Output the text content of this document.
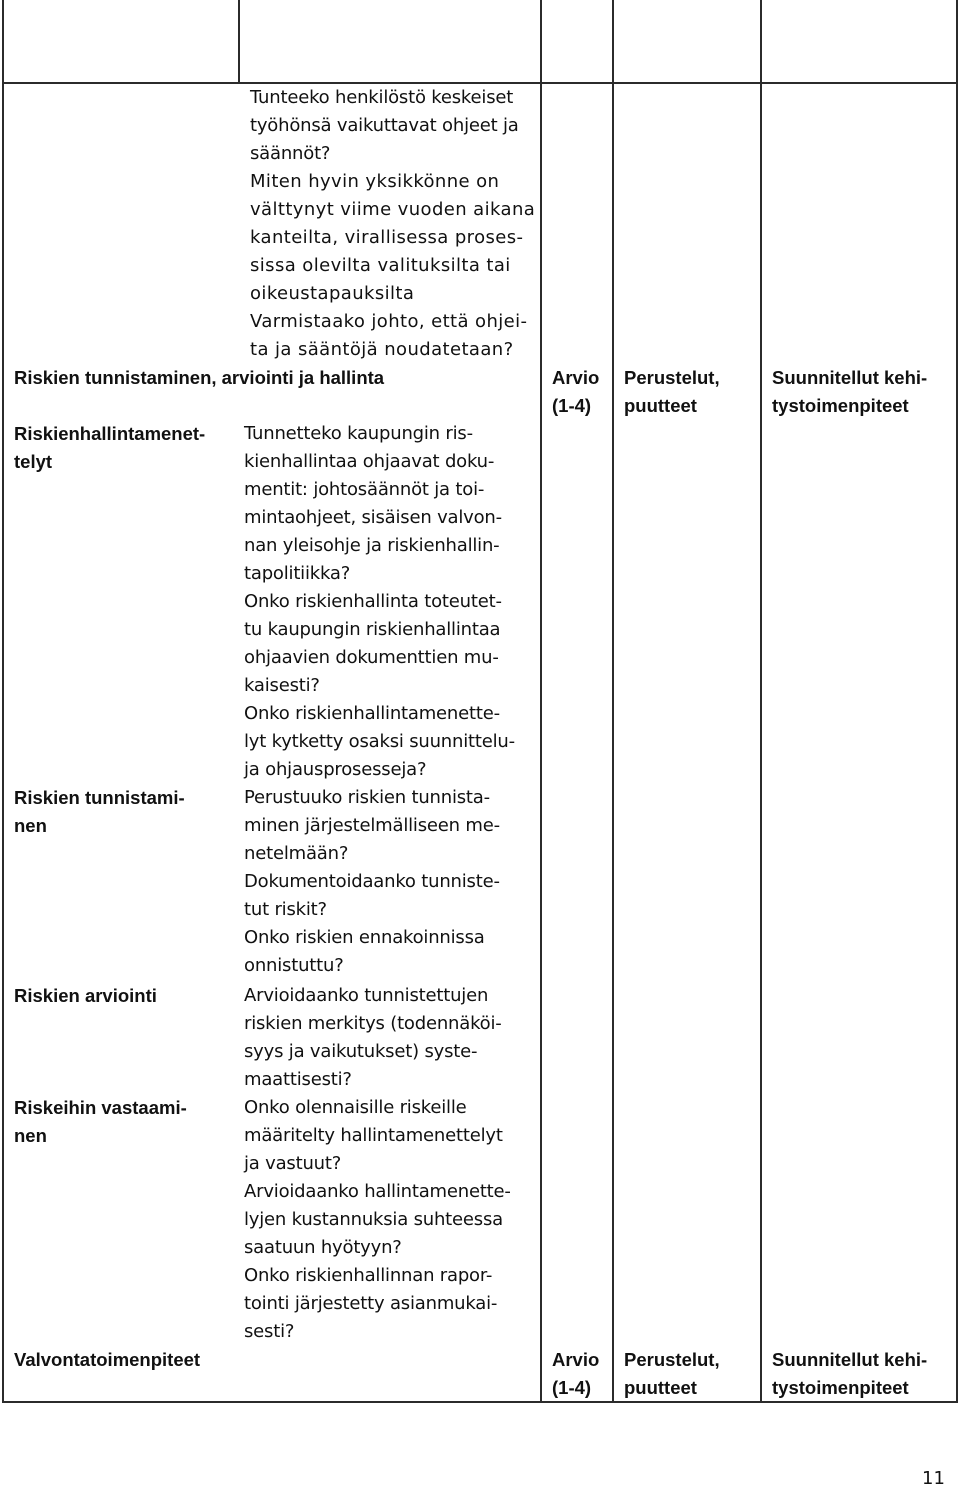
Tunteeko henkilöstö keskeiset
työhönsä vaikuttavat ohjeet ja
säännöt?

Miten hyvin yksikkönne on
välttynyt viime vuoden aikana
kanteilta, virallisessa proses-
sissa olevilta valituksilta tai
oikeustapauksilta

Varmistaako johto, että ohjei-
ta ja sääntöjä noudatetaan?

Riskien tunnistaminen, arviointi ja hallinta	Arvio
(1-4)

Perustelut,
puutteet

Suunnitellut kehi-
tystoimenpiteet

Riskienhallintamenet-
telyt

Riskien tunnistami-
nen

Riskien arviointi

Riskeihin vastaami-
nen

Tunnetteko kaupungin ris-
kienhallintaa ohjaavat doku-
mentit: johtosäännöt ja toi-
mintaohjeet, sisäisen valvon-
nan yleisohje ja riskienhallin-
tapolitiikka?

Onko riskienhallinta toteutet-
tu kaupungin riskienhallintaa
ohjaavien dokumenttien mu-
kaisesti?

Onko riskienhallintamenette-
lyt kytketty osaksi suunnittelu-
ja ohjausprosesseja?

Perustuuko riskien tunnista-
minen järjestelmälliseen me-
netelmään?

Dokumentoidaanko tunniste-
tut riskit?

Onko riskien ennakoinnissa
onnistuttu?

Arvioidaanko tunnistettujen
riskien merkitys (todennäköi-
syys ja vaikutukset) syste-
maattisesti?

Onko olennaisille riskeille
määritelty hallintamenettelyt
ja vastuut?

Arvioidaanko hallintamenette-
lyjen kustannuksia suhteessa
saatuun hyötyyn?

Onko riskienhallinnan rapor-
tointi järjestetty asianmukai-
sesti?

Valvontatoimenpiteet	Arvio
(1-4)

Perustelut,
puutteet

Suunnitellut kehi-
tystoimenpiteet

11
